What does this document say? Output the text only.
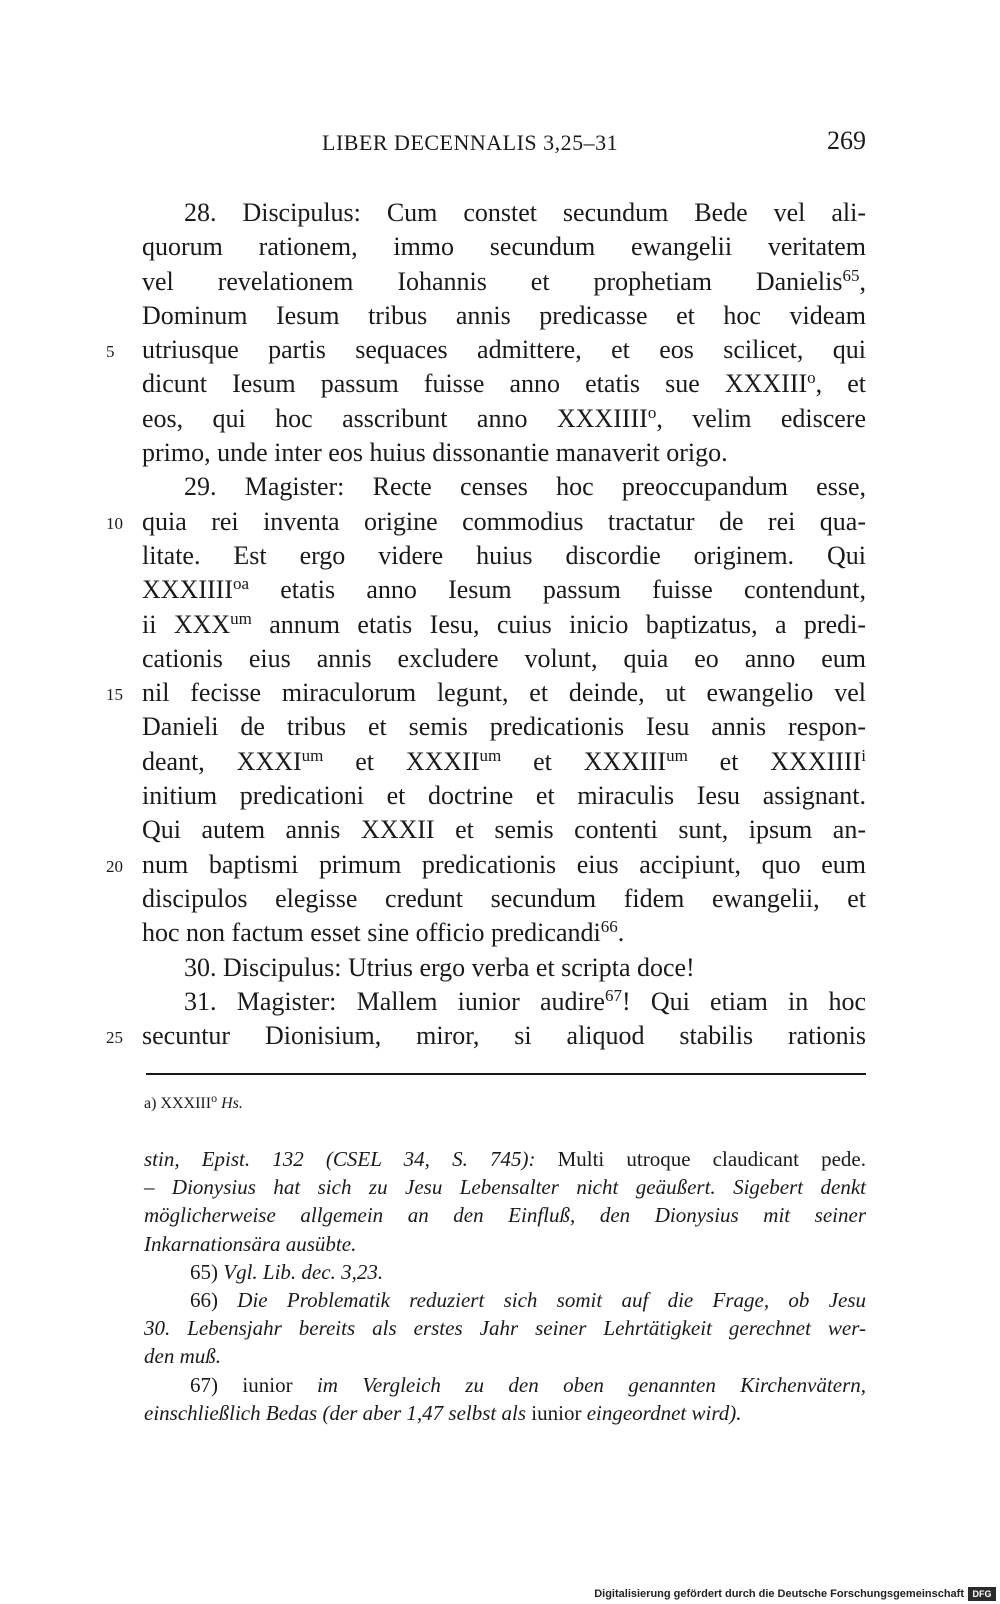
LIBER DECENNALIS 3,25–31	269
28. Discipulus: Cum constet secundum Bede vel ali-
quorum rationem, immo secundum ewangelii veritatem
vel revelationem Iohannis et prophetiam Danielis$^{65}$,
Dominum Iesum tribus annis predicasse et hoc videam
5	utriusque partis sequaces admittere, et eos scilicet, qui
dicunt Iesum passum fuisse anno etatis sue XXXIII$^o$, et
eos, qui hoc asscribunt anno XXXIIII$^o$, velim ediscere
primo, unde inter eos huius dissonantie manaverit origo.
29. Magister: Recte censes hoc preoccupandum esse,
10 quia rei inventa origine commodius tractatur de rei qua-
litate. Est ergo videre huius discordie originem. Qui
$XXXIIII^{oa}$ etatis anno Iesum passum fuisse contendunt,
ii $XXX^{um}$ annum etatis Iesu, cuius inicio baptizatus, a predi-
cationis eius annis excludere volunt, quia eo anno eum
15 nil fecisse miraculorum legunt, et deinde, ut ewangelio vel
Danieli de tribus et semis predicationis Iesu annis respon-
deant, $XXXI^{um}$ et $XXXII^{um}$ et $XXXIII^{um}$ et XXXIIII$^i$
initium predicationi et doctrine et miraculis Iesu assignant.
Qui autem annis XXXII et semis contenti sunt, ipsum an-
20 num baptismi primum predicationis eius accipiunt, quo eum
discipulos elegisse credunt secundum fidem ewangelii, et
hoc non factum esset sine officio predicandi$^{66}$.
30. Discipulus: Utrius ergo verba et scripta doce!
31. Magister: Mallem iunior audire$^{67}$! Qui etiam in hoc
25 secuntur Dionisium, miror, si aliquod stabilis rationis
a) XXXIII$^o$ Hs.
stin, Epist. 132 (CSEL 34, S. 745): Multi utroque claudicant pede.
– Dionysius hat sich zu Jesu Lebensalter nicht geäußert. Sigebert denkt
möglicherweise allgemein an den Einfluß, den Dionysius mit seiner
Inkarnationsära ausübte.
65) Vgl. Lib. dec. 3,23.
66) Die Problematik reduziert sich somit auf die Frage, ob Jesu
30. Lebensjahr bereits als erstes Jahr seiner Lehrtätigkeit gerechnet wer-
den muß.
67) iunior im Vergleich zu den oben genannten Kirchenvätern,
einschließlich Bedas (der aber 1,47 selbst als iunior eingeordnet wird).
Digitalisierung gefördert durch die Deutsche Forschungsgemeinschaft DFG
